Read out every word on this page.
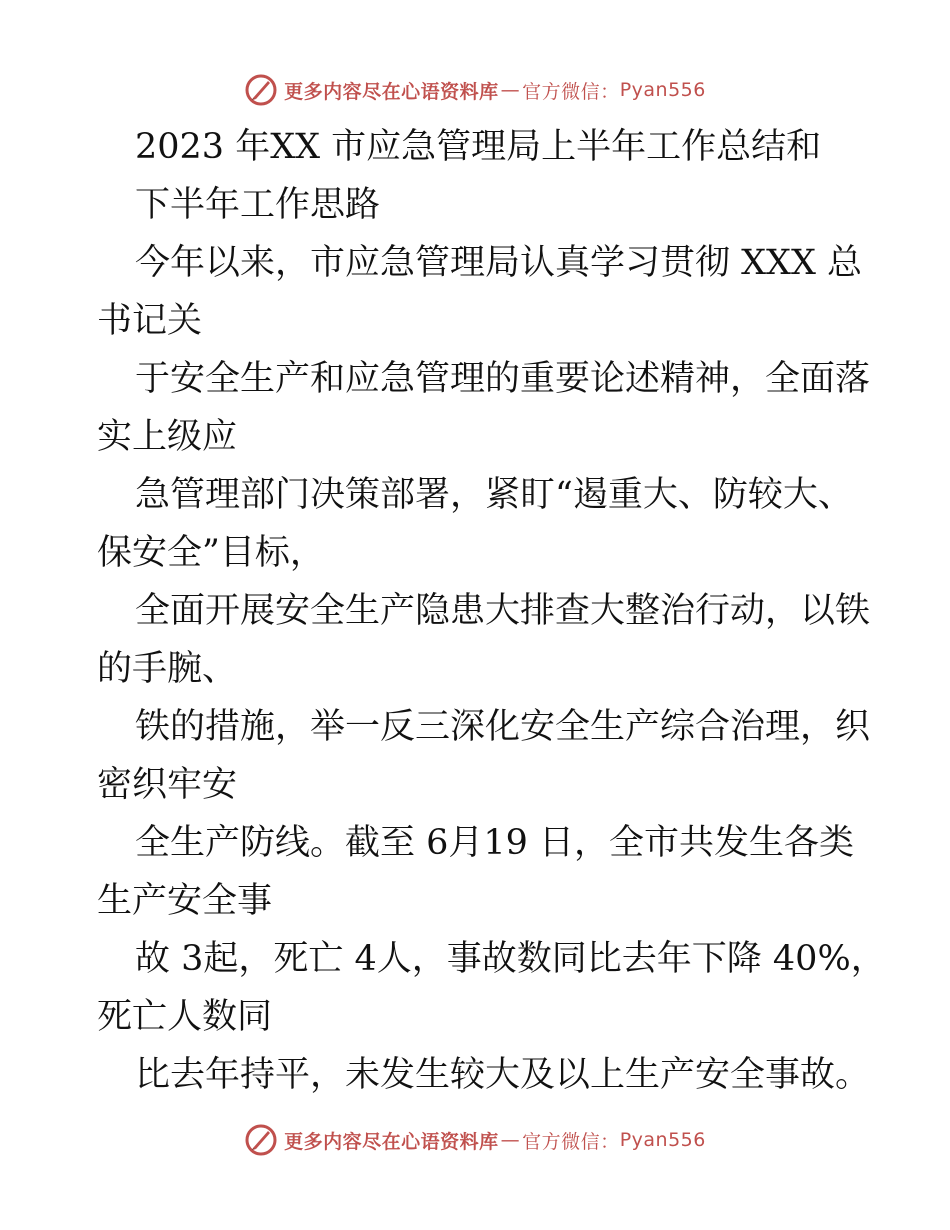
更多内容尽在心语资料库 — 官方微信： Pyan556
2023 年XX 市应急管理局上半年工作总结和
下半年工作思路
今年以来，市应急管理局认真学习贯彻 XXX 总
书记关
于安全生产和应急管理的重要论述精神，全面落
实上级应
急管理部门决策部署，紧盯“遏重大、防较大、
保安全”目标，
全面开展安全生产隐患大排查大整治行动，以铁
的手腕、
铁的措施，举一反三深化安全生产综合治理，织
密织牢安
全生产防线。截至 6月19 日，全市共发生各类
生产安全事
故 3起，死亡 4人，事故数同比去年下降 40%，
死亡人数同
比去年持平，未发生较大及以上生产安全事故。
更多内容尽在心语资料库 — 官方微信： Pyan556
